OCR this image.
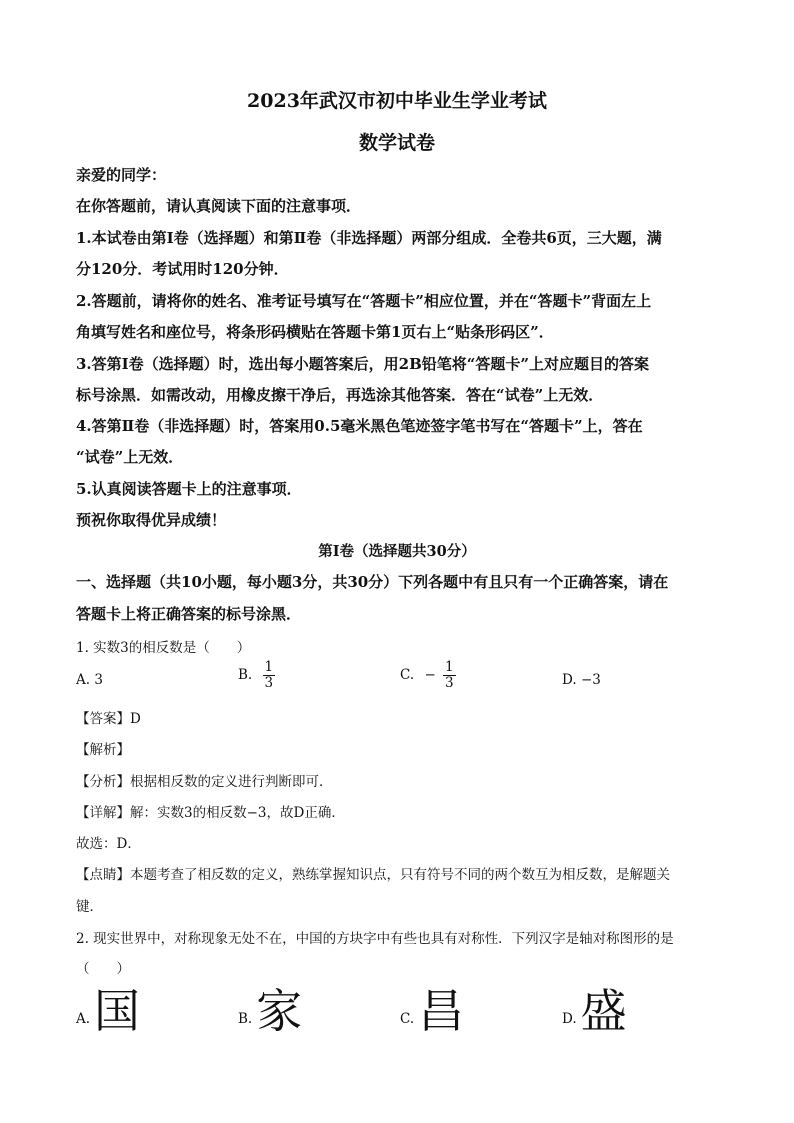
2023年武汉市初中毕业生学业考试
数学试卷
亲爱的同学：
在你答题前，请认真阅读下面的注意事项．
1.本试卷由第Ⅰ卷（选择题）和第Ⅱ卷（非选择题）两部分组成．全卷共6页，三大题，满
分120分．考试用时120分钟．
2.答题前，请将你的姓名、准考证号填写在“答题卡”相应位置，并在“答题卡”背面左上
角填写姓名和座位号，将条形码横贴在答题卡第1页右上“贴条形码区”．
3.答第Ⅰ卷（选择题）时，选出每小题答案后，用2B铅笔将“答题卡”上对应题目的答案
标号涂黑．如需改动，用橡皮擦干净后，再选涂其他答案．答在“试卷”上无效．
4.答第Ⅱ卷（非选择题）时，答案用0.5毫米黑色笔迹签字笔书写在“答题卡”上，答在
“试卷”上无效．
5.认真阅读答题卡上的注意事项．
预祝你取得优异成绩！
第Ⅰ卷（选择题共30分）
一、选择题（共10小题，每小题3分，共30分）下列各题中有且只有一个正确答案，请在
答题卡上将正确答案的标号涂黑．
1. 实数3的相反数是（　　）
A. 3	B. $\frac{1}{3}$	C. − $\frac{1}{3}$	D. −3
【答案】D
【解析】
【分析】根据相反数的定义进行判断即可．
【详解】解：实数3的相反数−3，故D正确．
故选：D．
【点睛】本题考查了相反数的定义，熟练掌握知识点，只有符号不同的两个数互为相反数，是解题关
键．
2. 现实世界中，对称现象无处不在，中国的方块字中有些也具有对称性．下列汉字是轴对称图形的是
（　　）
A.国	B.家	C.昌	D.盛
